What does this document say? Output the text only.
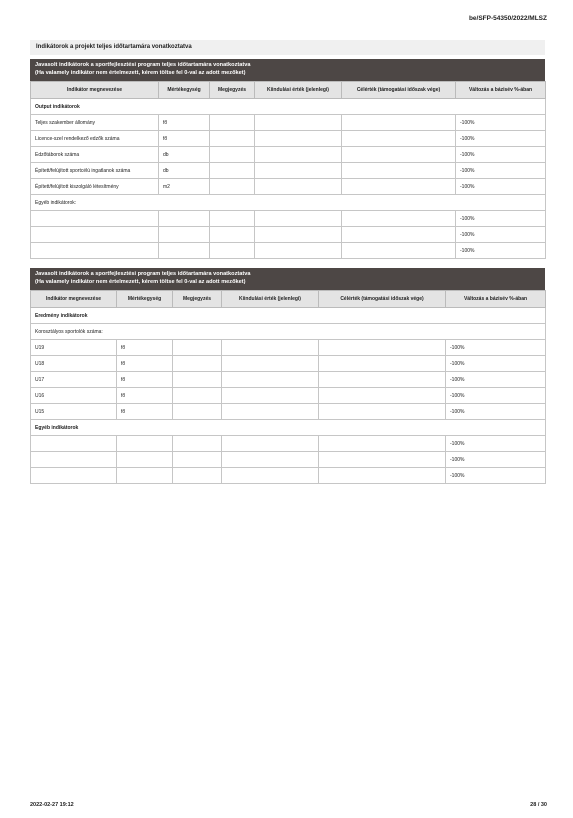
be/SFP-54350/2022/MLSZ
Indikátorok a projekt teljes időtartamára vonatkoztatva
Javasolt indikátorok a sportfejlesztési program teljes időtartamára vonatkoztatva
(Ha valamely indikátor nem értelmezett, kérem töltse fel 0-val az adott mezőket)
Indikátor megnevezése	Mértékegység	Megjegyzés	Kiindulási érték (jelenlegi)	Célérték (támogatási időszak vége)	Változás a bázisév %-ában
Output indikátorok					
Teljes szakember állomány	fő				-100%
Licence-szel rendelkező edzők száma	fő				-100%
Edzőtáborok száma	db				-100%
Épített/felújított sportcélú ingatlanok száma	db				-100%
Épített/felújított kiszolgáló létesítmény	m2				-100%
Egyéb indikátorok:					
					-100%
					-100%
					-100%
Javasolt indikátorok a sportfejlesztési program teljes időtartamára vonatkoztatva
(Ha valamely indikátor nem értelmezett, kérem töltse fel 0-val az adott mezőket)
Indikátor megnevezése	Mértékegység	Megjegyzés	Kiindulási érték (jelenlegi)	Célérték (támogatási időszak vége)	Változás a bázisév %-ában
Eredmény indikátorok					
Korosztályos sportolók száma:					
U19	fő				-100%
U18	fő				-100%
U17	fő				-100%
U16	fő				-100%
U15	fő				-100%
Egyéb indikátorok					
					-100%
					-100%
					-100%
2022-02-27 19:12	28 / 30
